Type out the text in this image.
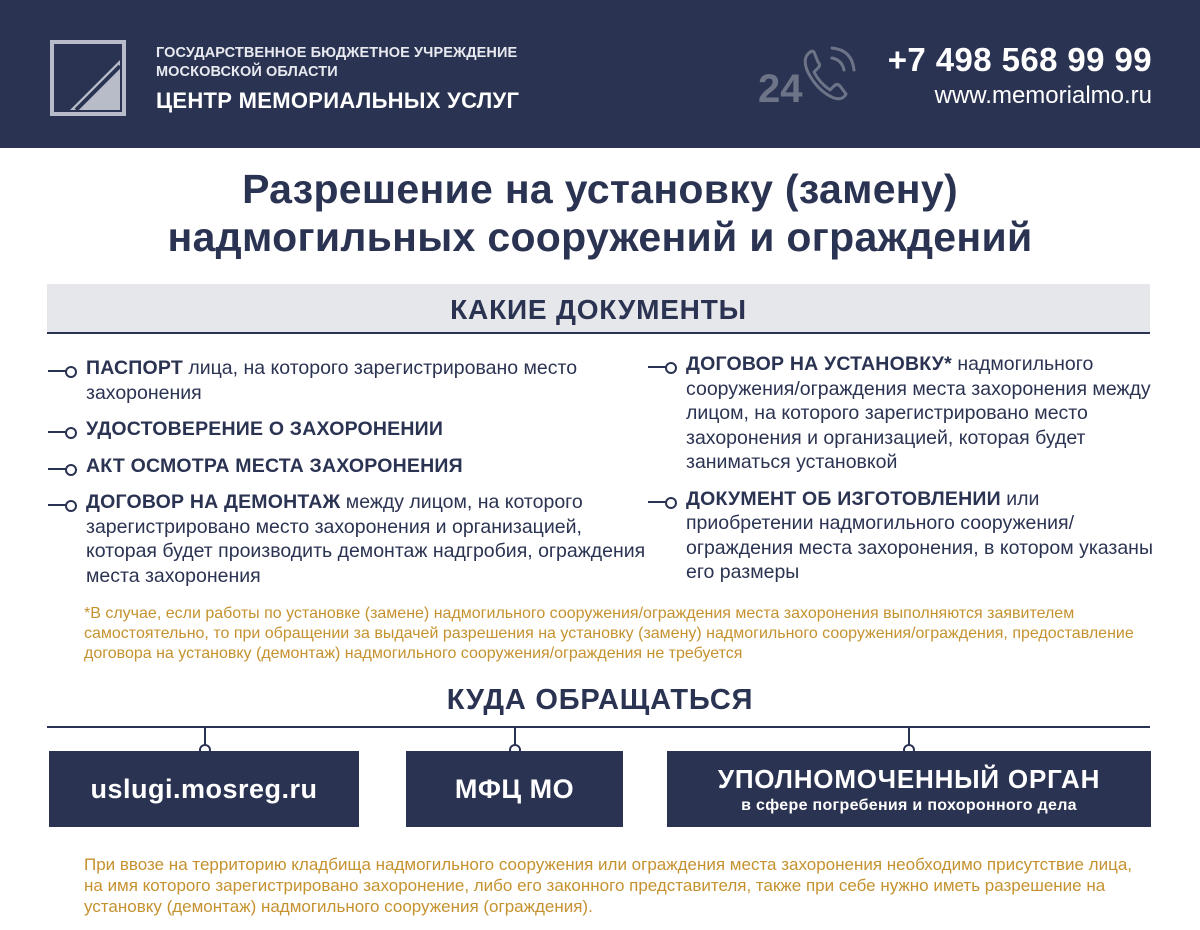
ГОСУДАРСТВЕННОЕ БЮДЖЕТНОЕ УЧРЕЖДЕНИЕ
МОСКОВСКОЙ ОБЛАСТИ
ЦЕНТР МЕМОРИАЛЬНЫХ УСЛУГ	24
+7 498 568 99 99
www.memorialmo.ru
Разрешение на установку (замену)
надмогильных сооружений и ограждений
КАКИЕ ДОКУМЕНТЫ
ПАСПОРТ лица, на которого зарегистрировано место захоронения
УДОСТОВЕРЕНИЕ О ЗАХОРОНЕНИИ
АКТ ОСМОТРА МЕСТА ЗАХОРОНЕНИЯ
ДОГОВОР НА ДЕМОНТАЖ между лицом, на которого зарегистрировано место захоронения и организацией, которая будет производить демонтаж надгробия, ограждения места захоронения
ДОГОВОР НА УСТАНОВКУ* надмогильного сооружения/ограждения места захоронения между лицом, на которого зарегистрировано место захоронения и организацией, которая будет заниматься установкой
ДОКУМЕНТ ОБ ИЗГОТОВЛЕНИИ или приобретении надмогильного сооружения/ ограждения места захоронения, в котором указаны его размеры
*В случае, если работы по установке (замене) надмогильного сооружения/ограждения места захоронения выполняются заявителем самостоятельно, то при обращении за выдачей разрешения на установку (замену) надмогильного сооружения/ограждения, предоставление договора на установку (демонтаж) надмогильного сооружения/ограждения не требуется
КУДА ОБРАЩАТЬСЯ
uslugi.mosreg.ru	МФЦ МО	УПОЛНОМОЧЕННЫЙ ОРГАН
в сфере погребения и похоронного дела
При ввозе на территорию кладбища надмогильного сооружения или ограждения места захоронения необходимо присутствие лица, на имя которого зарегистрировано захоронение, либо его законного представителя, также при себе нужно иметь разрешение на установку (демонтаж) надмогильного сооружения (ограждения).
